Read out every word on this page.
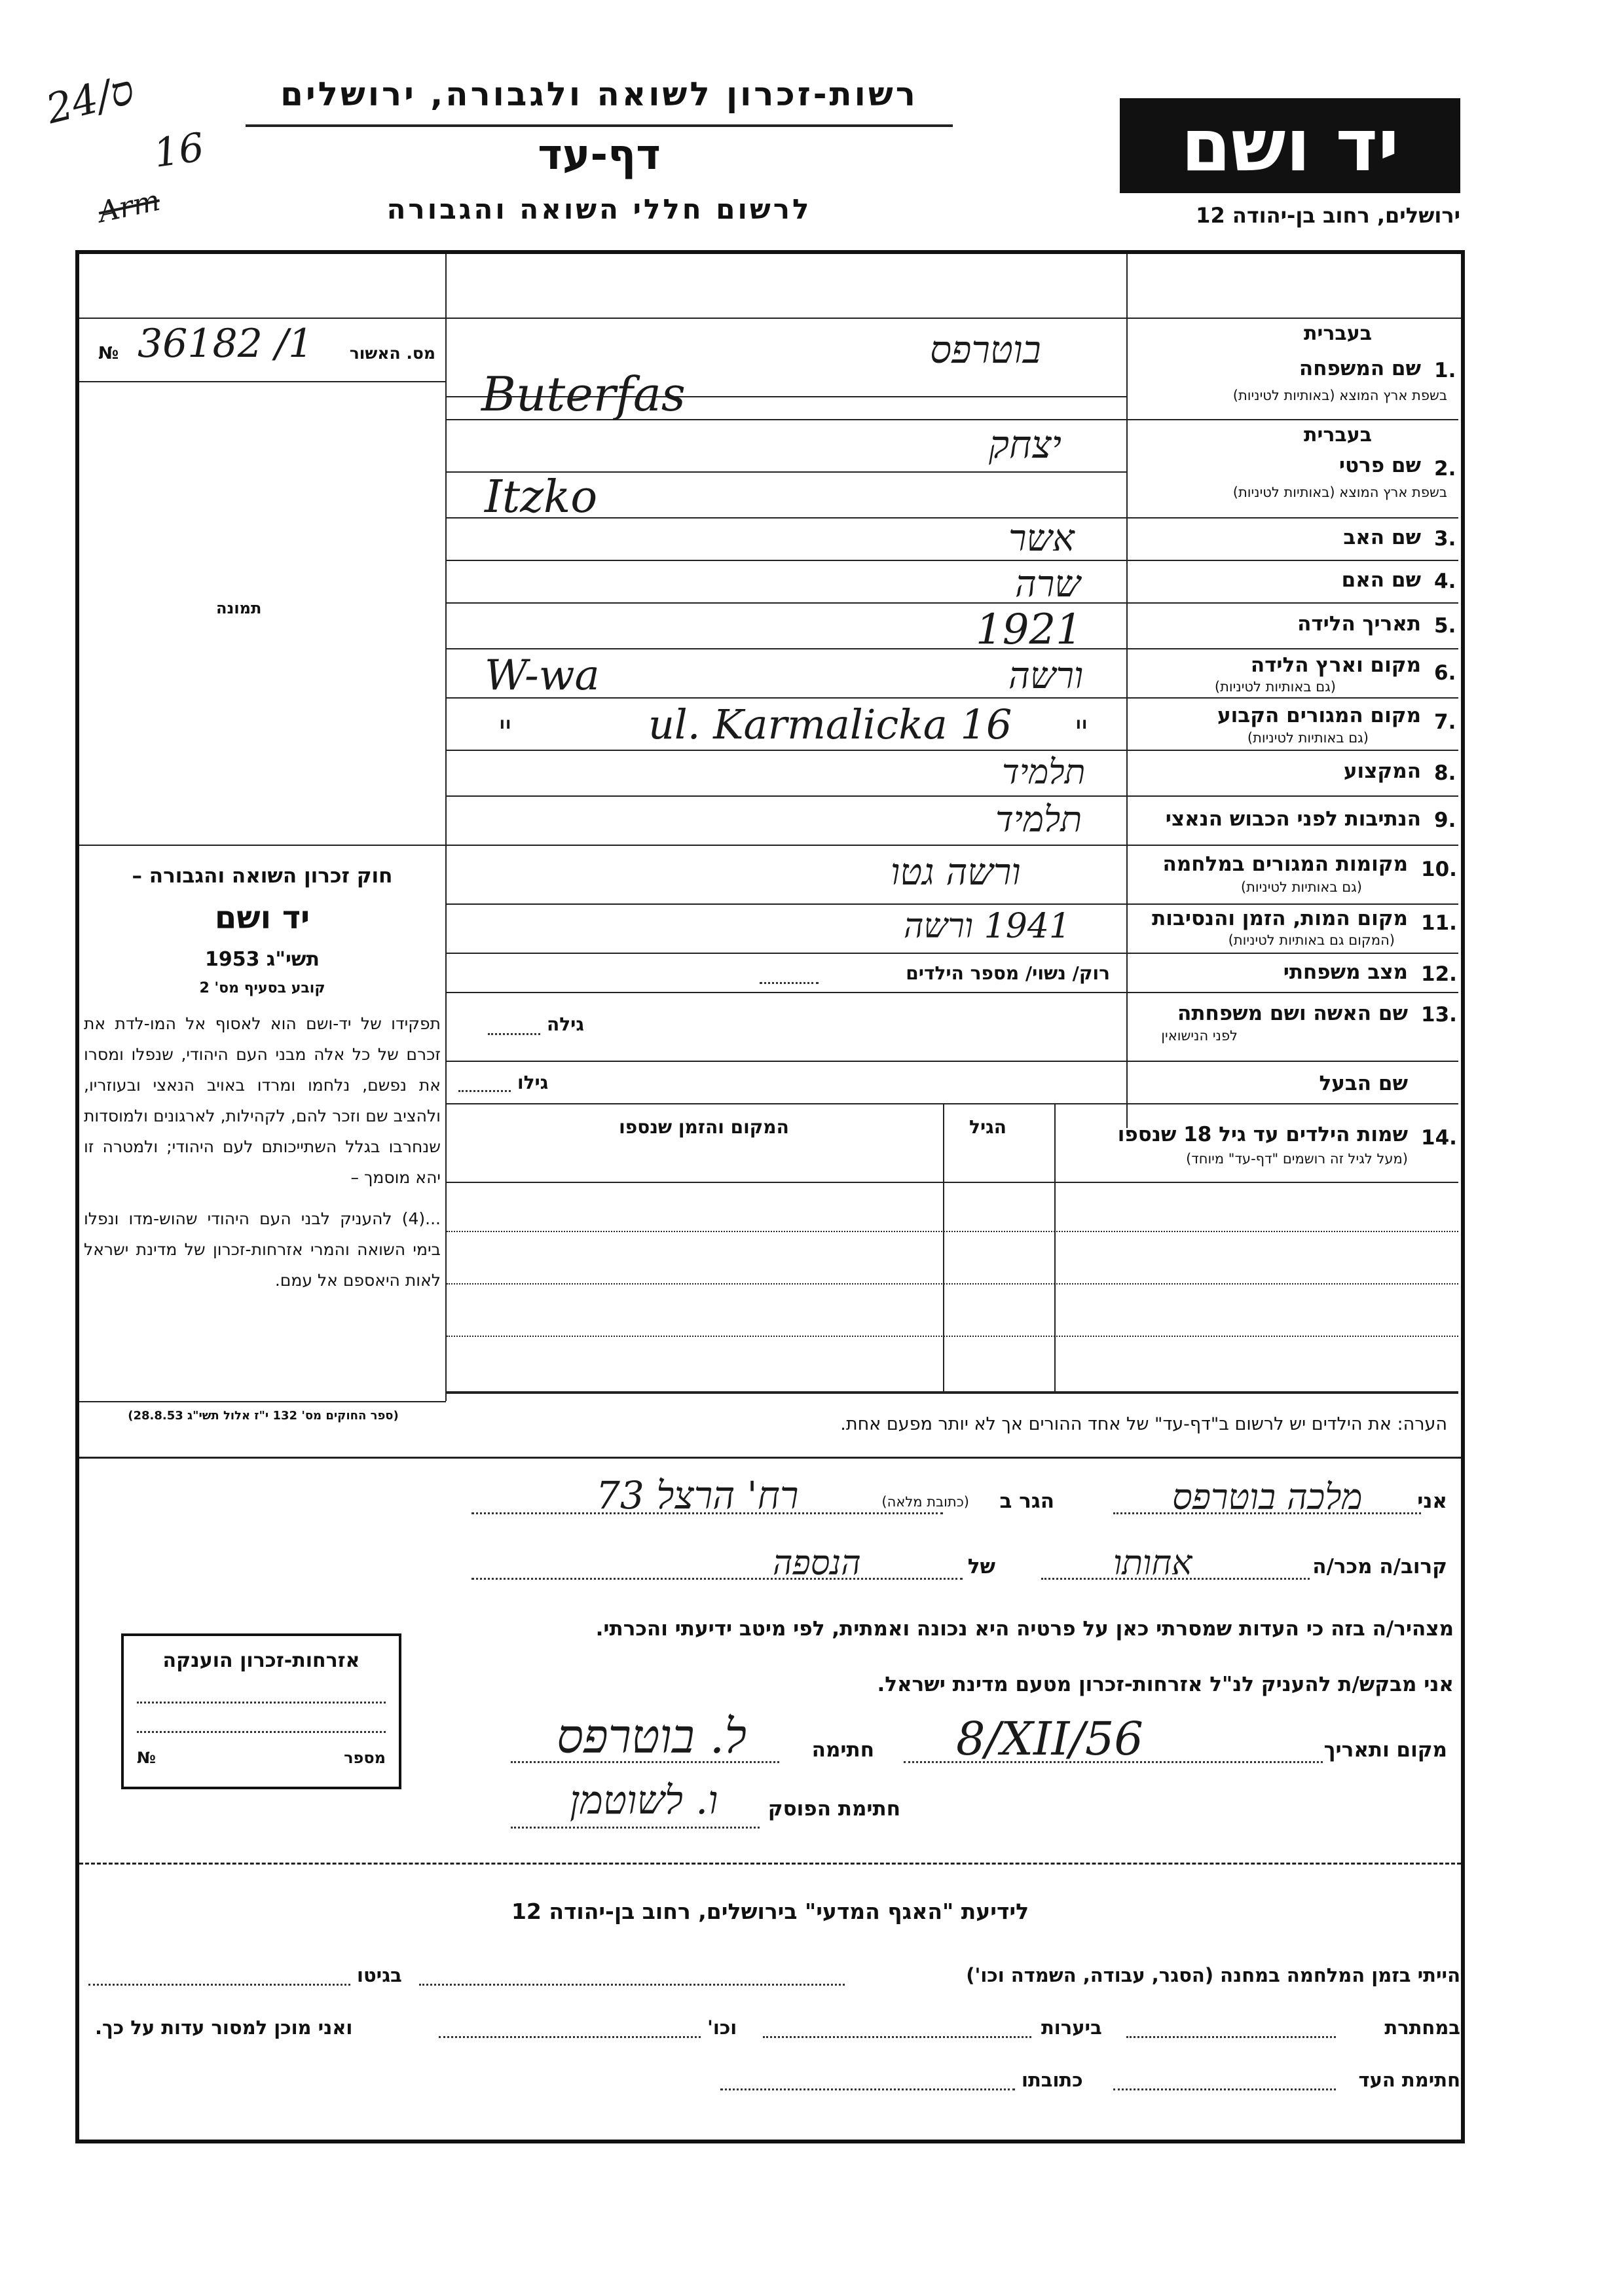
24/ס
16
Arm
רשות-זכרון לשואה ולגבורה, ירושלים
דף-עד
לרשום חללי השואה והגבורה
יד ושם
ירושלים, רחוב בן-יהודה 12
№ 36182 /1 מס. האשור
תמונה

חוק זכרון השואה והגבורה –

יד ושם

תשי"ג 1953

קובע בסעיף מס' 2

תפקידו של יד-ושם הוא לאסוף אל המו-לדת את זכרם של כל אלה מבני העם היהודי, שנפלו ומסרו את נפשם, נלחמו ומרדו באויב הנאצי ובעוזריו, ולהציב שם וזכר להם, לקהילות, לארגונים ולמוסדות שנחרבו בגלל השתייכותם לעם היהודי; ולמטרה זו יהא מוסמך –

...(4) להעניק לבני העם היהודי שהוש-מדו ונפלו בימי השואה והמרי אזרחות-זכרון של מדינת ישראל לאות היאספם אל עמם.

(ספר החוקים מס' 132 י"ז אלול תשי"ג 28.8.53)
בעברית
1.
שם המשפחה
בשפת ארץ המוצא (באותיות לטיניות)
בוטרפס
Buterfas
בעברית
2.
שם פרטי
בשפת ארץ המוצא (באותיות לטיניות)
יצחק
Itzko
3.
שם האב
אשר
4.
שם האם
שרה
5.
תאריך הלידה
1921
6.
מקום וארץ הלידה
(גם באותיות לטיניות)
ורשה
W-wa
7.
מקום המגורים הקבוע
(גם באותיות לטיניות)
"	ul. Karmalicka 16 "
8.
המקצוע
תלמיד
9.
הנתיבות לפני הכבוש הנאצי
תלמיד
10.
מקומות המגורים במלחמה
(גם באותיות לטיניות)
ורשה גטו
11.
מקום המות, הזמן והנסיבות
(המקום גם באותיות לטיניות)
1941 ורשה
12.
מצב משפחתי
רוק/ נשוי/ מספר הילדים
13.
שם האשה ושם משפחתה
לפני הנישואין
גילה
שם הבעל
גילו
14.
שמות הילדים עד גיל 18 שנספו
(מעל לגיל זה רושמים "דף-עד" מיוחד)
הגיל
המקום והזמן שנספו
הערה: את הילדים יש לרשום ב"דף-עד" של אחד ההורים אך לא יותר מפעם אחת.
אני
מלכה בוטרפס
הגר ב
(כתובת מלאה)
רח' הרצל 73
קרוב/ה מכר/ה
אחותו
של
הנספה
מצהיר/ה בזה כי העדות שמסרתי כאן על פרטיה היא נכונה ואמתית, לפי מיטב ידיעתי והכרתי.
אני מבקש/ת להעניק לנ"ל אזרחות-זכרון מטעם מדינת ישראל.
מקום ותאריך
8/XII/56
חתימה
ל. בוטרפס
חתימת הפוסק
ו. לשוטמן
אזרחות-זכרון הוענקה
מספר
№
לידיעת "האגף המדעי" בירושלים, רחוב בן-יהודה 12
הייתי בזמן המלחמה במחנה (הסגר, עבודה, השמדה וכו')
בגיטו
במחתרת
ביערות
וכו'
ואני מוכן למסור עדות על כך.
חתימת העד
כתובתו
